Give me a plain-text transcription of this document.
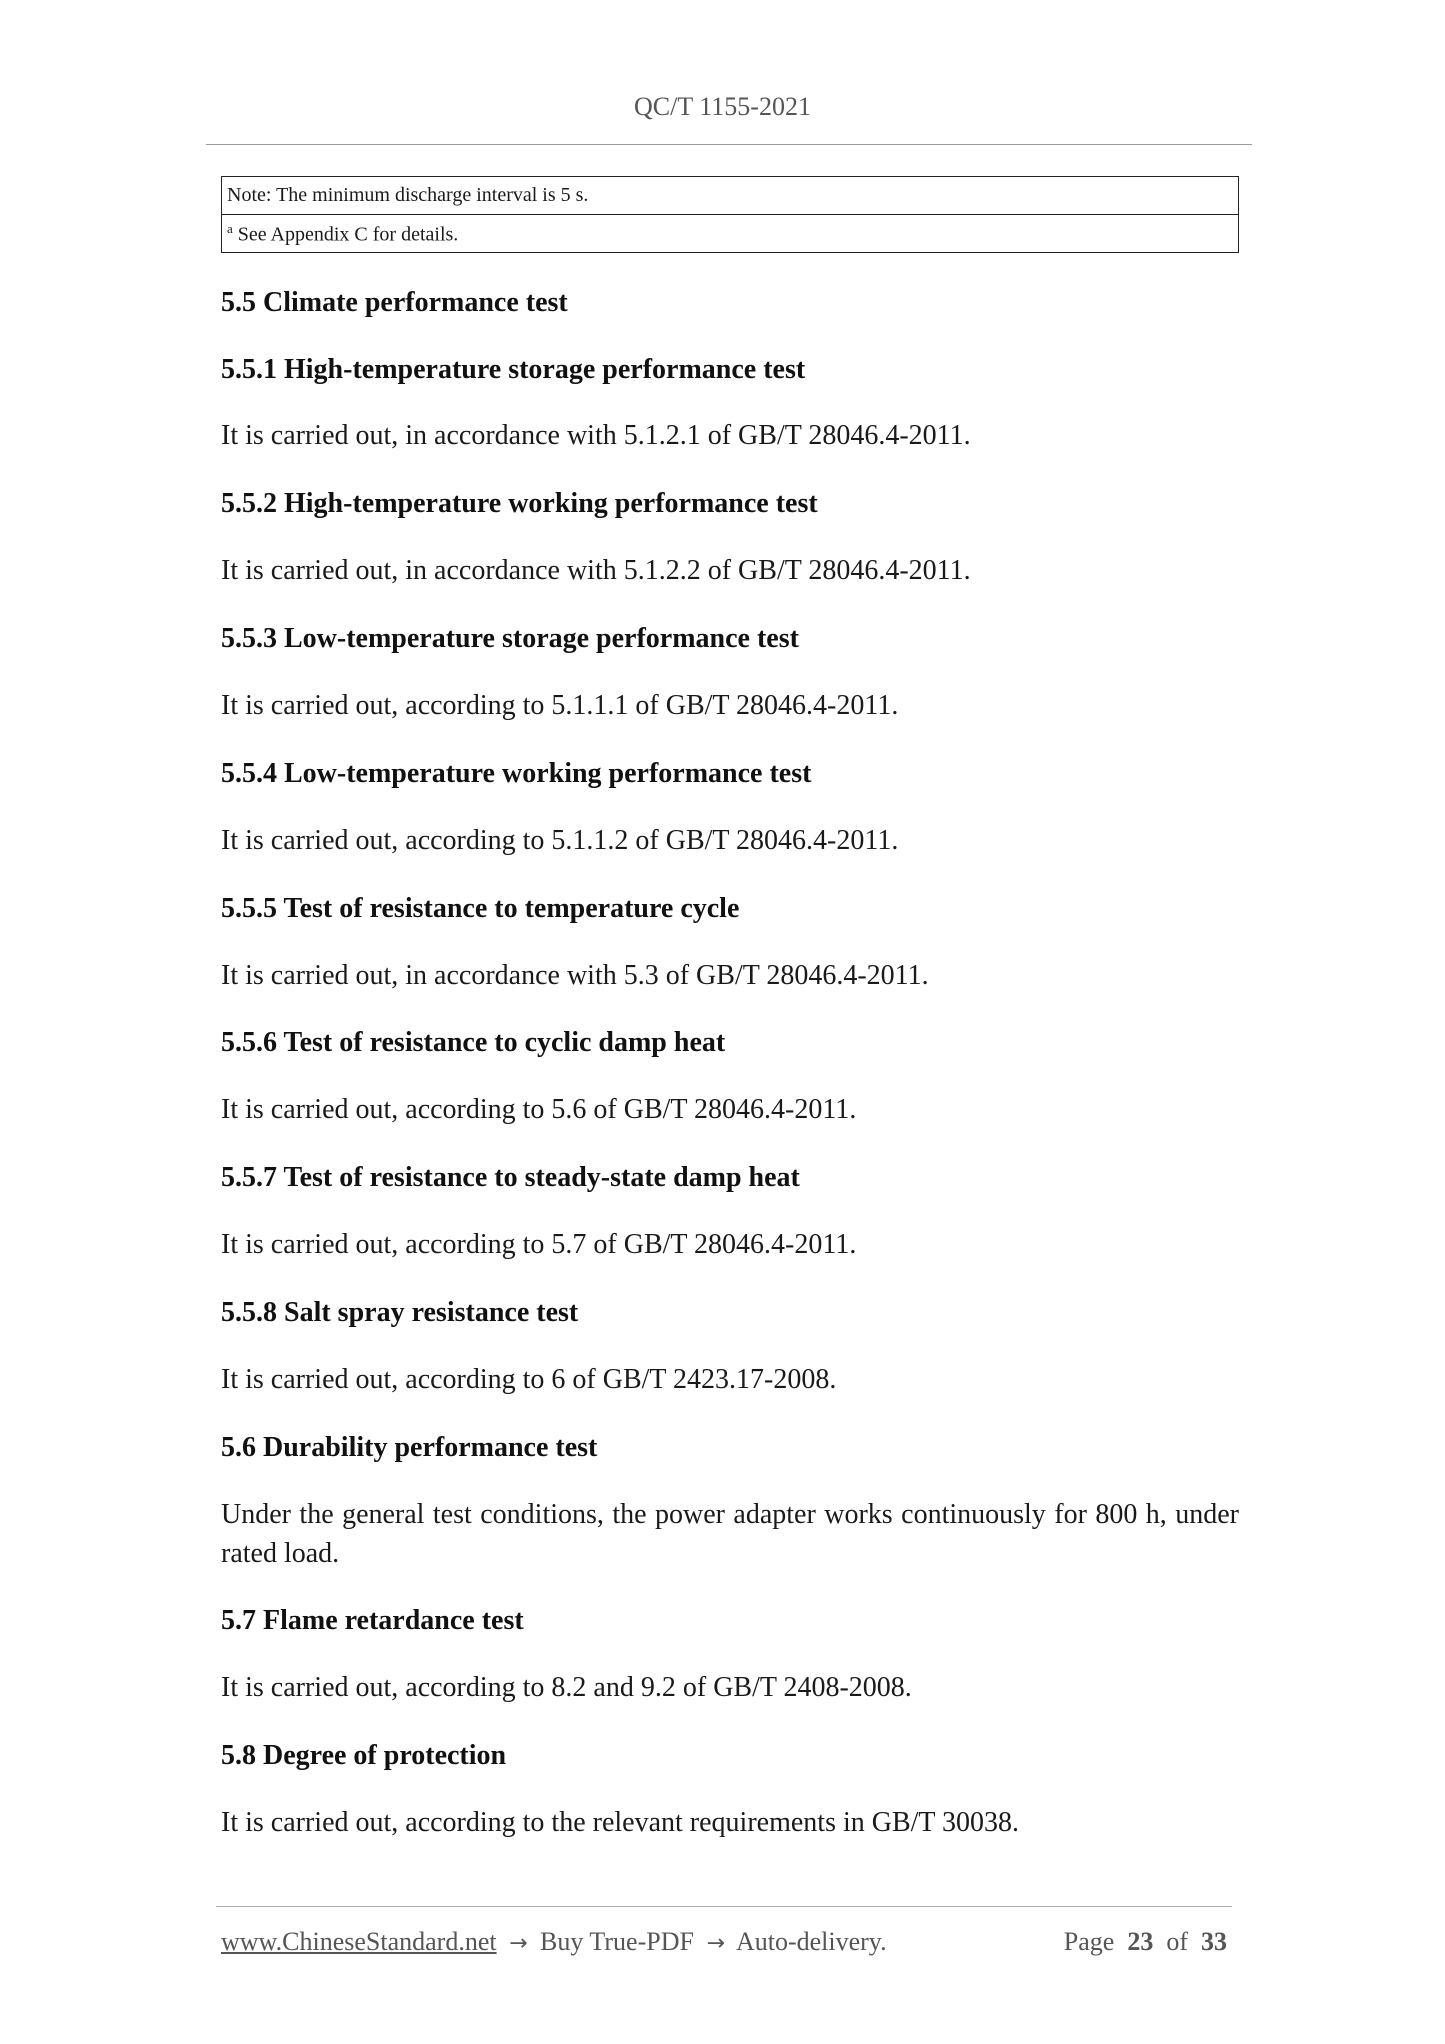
QC/T 1155-2021
Note: The minimum discharge interval is 5 s.
$^a$ See Appendix C for details.
5.5 Climate performance test
5.5.1 High-temperature storage performance test
It is carried out, in accordance with 5.1.2.1 of GB/T 28046.4-2011.
5.5.2 High-temperature working performance test
It is carried out, in accordance with 5.1.2.2 of GB/T 28046.4-2011.
5.5.3 Low-temperature storage performance test
It is carried out, according to 5.1.1.1 of GB/T 28046.4-2011.
5.5.4 Low-temperature working performance test
It is carried out, according to 5.1.1.2 of GB/T 28046.4-2011.
5.5.5 Test of resistance to temperature cycle
It is carried out, in accordance with 5.3 of GB/T 28046.4-2011.
5.5.6 Test of resistance to cyclic damp heat
It is carried out, according to 5.6 of GB/T 28046.4-2011.
5.5.7 Test of resistance to steady-state damp heat
It is carried out, according to 5.7 of GB/T 28046.4-2011.
5.5.8 Salt spray resistance test
It is carried out, according to 6 of GB/T 2423.17-2008.
5.6 Durability performance test
Under the general test conditions, the power adapter works continuously for 800 h, under rated load.
5.7 Flame retardance test
It is carried out, according to 8.2 and 9.2 of GB/T 2408-2008.
5.8 Degree of protection
It is carried out, according to the relevant requirements in GB/T 30038.
www.ChineseStandard.net → Buy True-PDF → Auto-delivery.	Page 23 of 33
